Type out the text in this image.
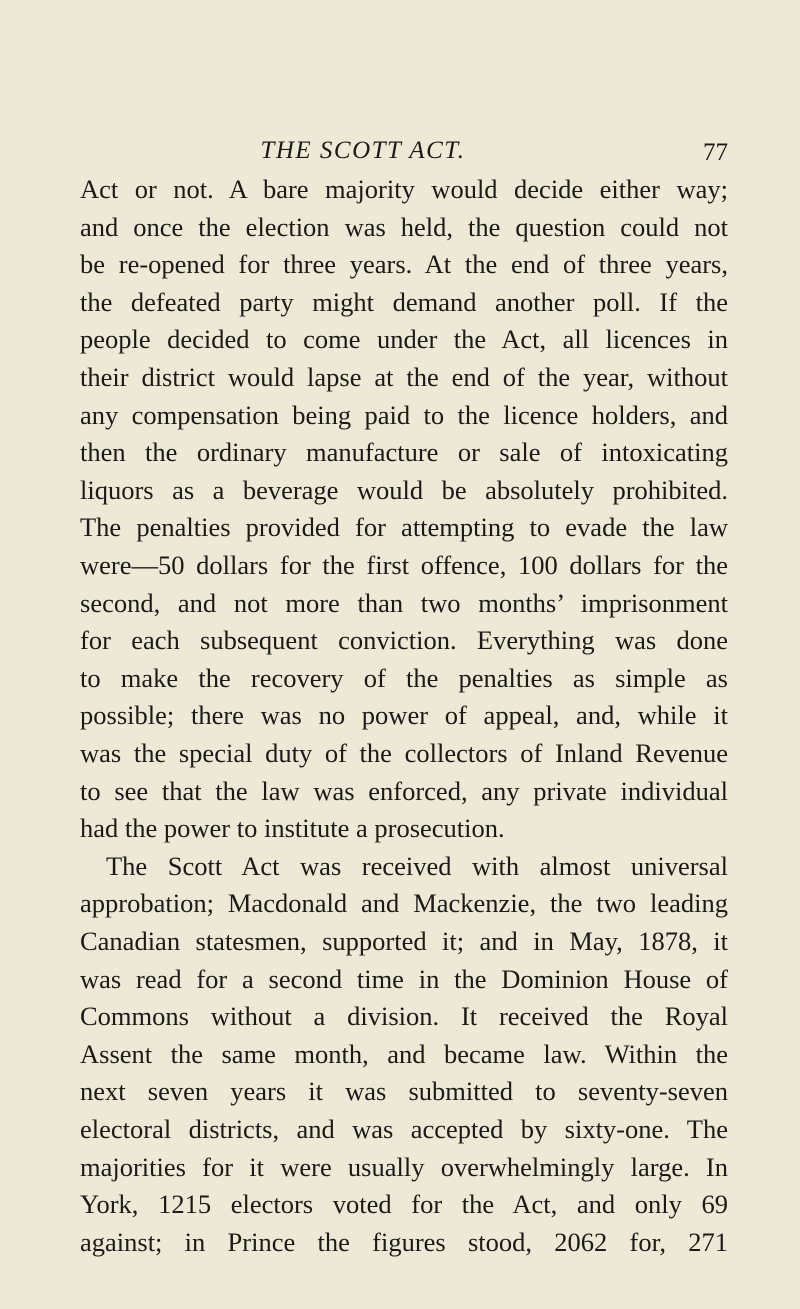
THE SCOTT ACT.	77
Act or not. A bare majority would decide either way;
and once the election was held, the question could not
be re-opened for three years. At the end of three years,
the defeated party might demand another poll. If the
people decided to come under the Act, all licences in
their district would lapse at the end of the year, without
any compensation being paid to the licence holders, and
then the ordinary manufacture or sale of intoxicating
liquors as a beverage would be absolutely prohibited.
The penalties provided for attempting to evade the law
were—50 dollars for the first offence, 100 dollars for the
second, and not more than two months’ imprisonment
for each subsequent conviction. Everything was done
to make the recovery of the penalties as simple as
possible; there was no power of appeal, and, while it
was the special duty of the collectors of Inland Revenue
to see that the law was enforced, any private individual
had the power to institute a prosecution.
The Scott Act was received with almost universal
approbation; Macdonald and Mackenzie, the two leading
Canadian statesmen, supported it; and in May, 1878, it
was read for a second time in the Dominion House of
Commons without a division. It received the Royal
Assent the same month, and became law. Within the
next seven years it was submitted to seventy-seven
electoral districts, and was accepted by sixty-one. The
majorities for it were usually overwhelmingly large. In
York, 1215 electors voted for the Act, and only 69
against; in Prince the figures stood, 2062 for, 271
